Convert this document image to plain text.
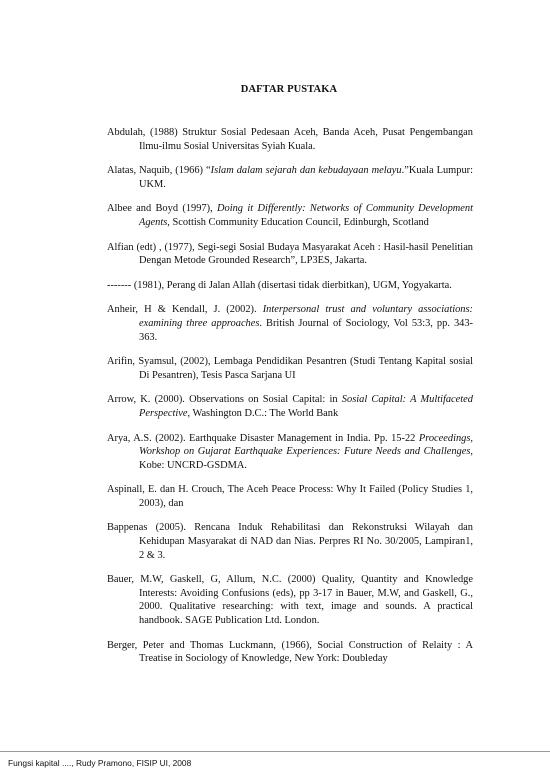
DAFTAR PUSTAKA

Abdulah, (1988) Struktur Sosial Pedesaan Aceh, Banda Aceh, Pusat Pengembangan Ilmu-ilmu Sosial Universitas Syiah Kuala.

Alatas, Naquib, (1966) “Islam dalam sejarah dan kebudayaan melayu.”Kuala Lumpur: UKM.

Albee and Boyd (1997), Doing it Differently: Networks of Community Development Agents, Scottish Community Education Council, Edinburgh, Scotland

Alfian (edt) , (1977), Segi-segi Sosial Budaya Masyarakat Aceh : Hasil-hasil Penelitian Dengan Metode Grounded Research”, LP3ES, Jakarta.

------- (1981), Perang di Jalan Allah (disertasi tidak dierbitkan), UGM, Yogyakarta.

Anheir, H & Kendall, J. (2002). Interpersonal trust and voluntary associations: examining three approaches. British Journal of Sociology, Vol 53:3, pp. 343-363.

Arifin, Syamsul, (2002), Lembaga Pendidikan Pesantren (Studi Tentang Kapital sosial Di Pesantren), Tesis Pasca Sarjana UI

Arrow, K. (2000). Observations on Sosial Capital: in Sosial Capital: A Multifaceted Perspective, Washington D.C.: The World Bank

Arya, A.S. (2002). Earthquake Disaster Management in India. Pp. 15-22 Proceedings, Workshop on Gujarat Earthquake Experiences: Future Needs and Challenges, Kobe: UNCRD-GSDMA.

Aspinall, E. dan H. Crouch, The Aceh Peace Process: Why It Failed (Policy Studies 1, 2003), dan

Bappenas (2005). Rencana Induk Rehabilitasi dan Rekonstruksi Wilayah dan Kehidupan Masyarakat di NAD dan Nias. Perpres RI No. 30/2005, Lampiran1, 2 & 3.

Bauer, M.W, Gaskell, G, Allum, N.C. (2000) Quality, Quantity and Knowledge Interests: Avoiding Confusions (eds), pp 3-17 in Bauer, M.W, and Gaskell, G., 2000. Qualitative researching: with text, image and sounds. A practical handbook. SAGE Publication Ltd. London.

Berger, Peter and Thomas Luckmann, (1966), Social Construction of Relaity : A Treatise in Sociology of Knowledge, New York: Doubleday

Fungsi kapital ...., Rudy Pramono, FISIP UI, 2008
